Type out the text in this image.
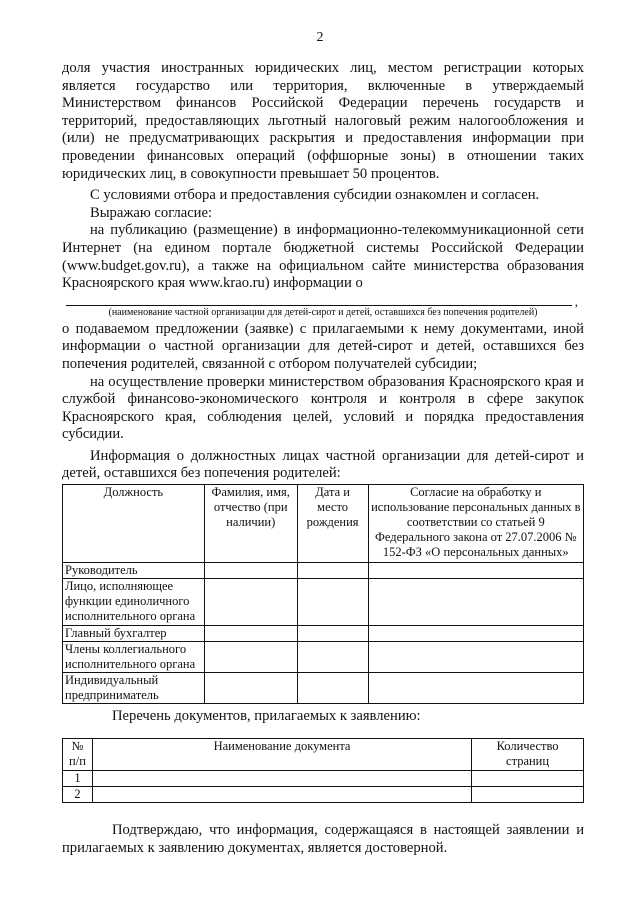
2

доля участия иностранных юридических лиц, местом регистрации которых является государство или территория, включенные в утверждаемый Министерством финансов Российской Федерации перечень государств и территорий, предоставляющих льготный налоговый режим налогообложения и (или) не предусматривающих раскрытия и предоставления информации при проведении финансовых операций (оффшорные зоны) в отношении таких юридических лиц, в совокупности превышает 50 процентов.

С условиями отбора и предоставления субсидии ознакомлен и согласен.

Выражаю согласие:

на публикацию (размещение) в информационно-телекоммуникационной сети Интернет (на едином портале бюджетной системы Российской Федерации (www.budget.gov.ru), а также на официальном сайте министерства образования Красноярского края www.krao.ru) информации о

,
(наименование частной организации для детей-сирот и детей, оставшихся без попечения родителей)

о подаваемом предложении (заявке) с прилагаемыми к нему документами, иной информации о частной организации для детей-сирот и детей, оставшихся без попечения родителей, связанной с отбором получателей субсидии;

на осуществление проверки министерством образования Красноярского края и службой финансово-экономического контроля и контроля в сфере закупок Красноярского края, соблюдения целей, условий и порядка предоставления субсидии.

Информация о должностных лицах частной организации для детей-сирот и детей, оставшихся без попечения родителей:

Должность	Фамилия, имя, отчество (при наличии)	Дата и место рождения	Согласие на обработку и использование персональных данных в соответствии со статьей 9 Федерального закона от 27.07.2006 № 152-ФЗ «О персональных данных»
Руководитель			
Лицо, исполняющее функции единоличного исполнительного органа			
Главный бухгалтер			
Члены коллегиального исполнительного органа			
Индивидуальный предприниматель			

Перечень документов, прилагаемых к заявлению:

№ п/п	Наименование документа	Количество страниц
1		
2		

Подтверждаю, что информация, содержащаяся в настоящей заявлении и прилагаемых к заявлению документах, является достоверной.
